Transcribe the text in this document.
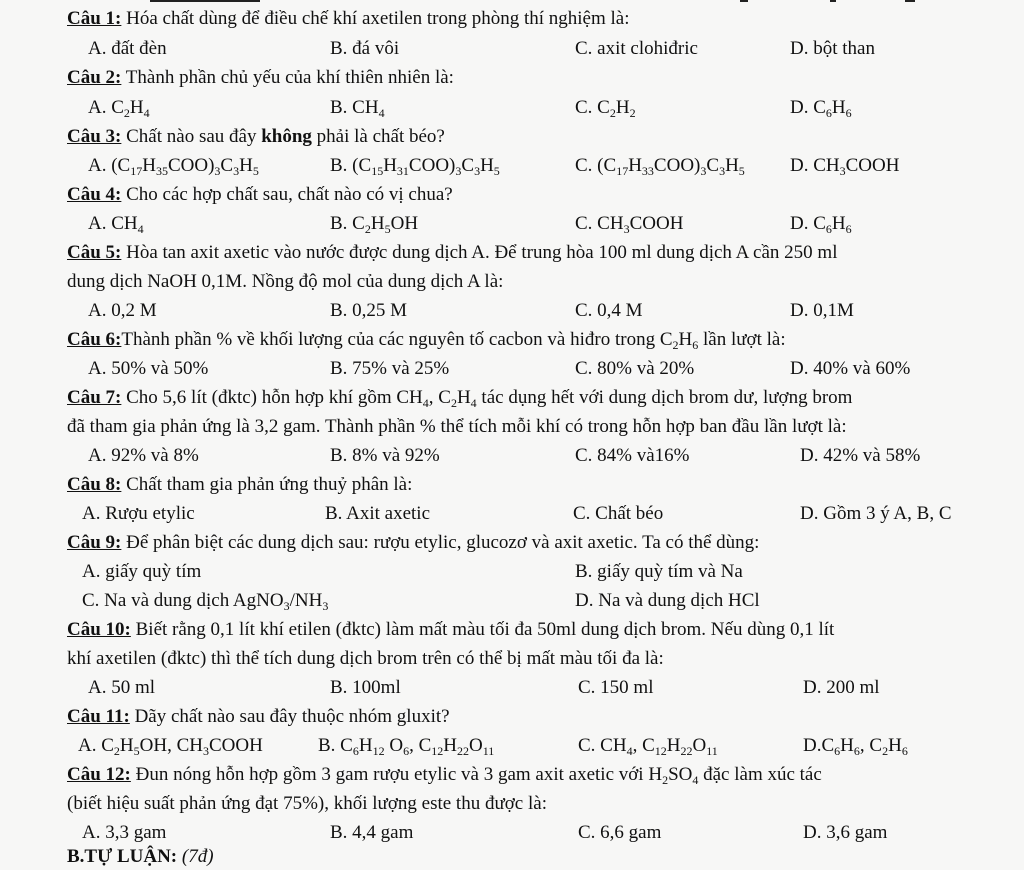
Câu 1: Hóa chất dùng để điều chế khí axetilen trong phòng thí nghiệm là:
A. đất đèn	B. đá vôi	C. axit clohiđric	D. bột than
Câu 2: Thành phần chủ yếu của khí thiên nhiên là:
A. $C_2H_4$	B. $CH_4$	C. $C_2H_2$	D. $C_6H_6$
Câu 3: Chất nào sau đây không phải là chất béo?
A. $(C_{17}H_{35}COO)_3C_3H_5$	B. $(C_{15}H_{31}COO)_3C_3H_5$	C. $(C_{17}H_{33}COO)_3C_3H_5$ D. $CH_3COOH$
Câu 4: Cho các hợp chất sau, chất nào có vị chua?
A. $CH_4$	B. $C_2H_5OH$	C. $CH_3COOH$	D. $C_6H_6$
Câu 5: Hòa tan axit axetic vào nước được dung dịch A. Để trung hòa 100 ml dung dịch A cần 250 ml
dung dịch NaOH 0,1M. Nồng độ mol của dung dịch A là:
A. 0,2 M	B. 0,25 M	C. 0,4 M	D. 0,1M
Câu 6:Thành phần % về khối lượng của các nguyên tố cacbon và hiđro trong $C_2H_6$ lần lượt là:
A. 50% và 50%	B. 75% và 25%	C. 80% và 20%	D. 40% và 60%
Câu 7: Cho 5,6 lít (đktc) hỗn hợp khí gồm $CH_4$, $C_2H_4$ tác dụng hết với dung dịch brom dư, lượng brom
đã tham gia phản ứng là 3,2 gam. Thành phần % thể tích mỗi khí có trong hỗn hợp ban đầu lần lượt là:
A. 92% và 8%	B. 8% và 92%	C. 84% và16%	D. 42% và 58%
Câu 8: Chất tham gia phản ứng thuỷ phân là:
A. Rượu etylic	B. Axit axetic	C. Chất béo	D. Gồm 3 ý A, B, C
Câu 9: Để phân biệt các dung dịch sau: rượu etylic, glucozơ và axit axetic. Ta có thể dùng:
A. giấy quỳ tím	B. giấy quỳ tím và Na
C. Na và dung dịch $AgNO_3/NH_3$	D. Na và dung dịch HCl
Câu 10: Biết rằng 0,1 lít khí etilen (đktc) làm mất màu tối đa 50ml dung dịch brom. Nếu dùng 0,1 lít
khí axetilen (đktc) thì thể tích dung dịch brom trên có thể bị mất màu tối đa là:
A. 50 ml	B. 100ml	C. 150 ml	D. 200 ml
Câu 11: Dãy chất nào sau đây thuộc nhóm gluxit?
A. $C_2H_5OH$, $CH_3COOH$	B. $C_6H_{12}$ $O_6$, $C_{12}H_{22}O_{11}$	C. $CH_4$, $C_{12}H_{22}O_{11}$	$D.C_6H_6$, $C_2H_6$
Câu 12: Đun nóng hỗn hợp gồm 3 gam rượu etylic và 3 gam axit axetic với $H_2SO_4$ đặc làm xúc tác
(biết hiệu suất phản ứng đạt 75%), khối lượng este thu được là:
A. 3,3 gam	B. 4,4 gam	C. 6,6 gam	D. 3,6 gam
B.TỰ LUẬN: (7đ)
